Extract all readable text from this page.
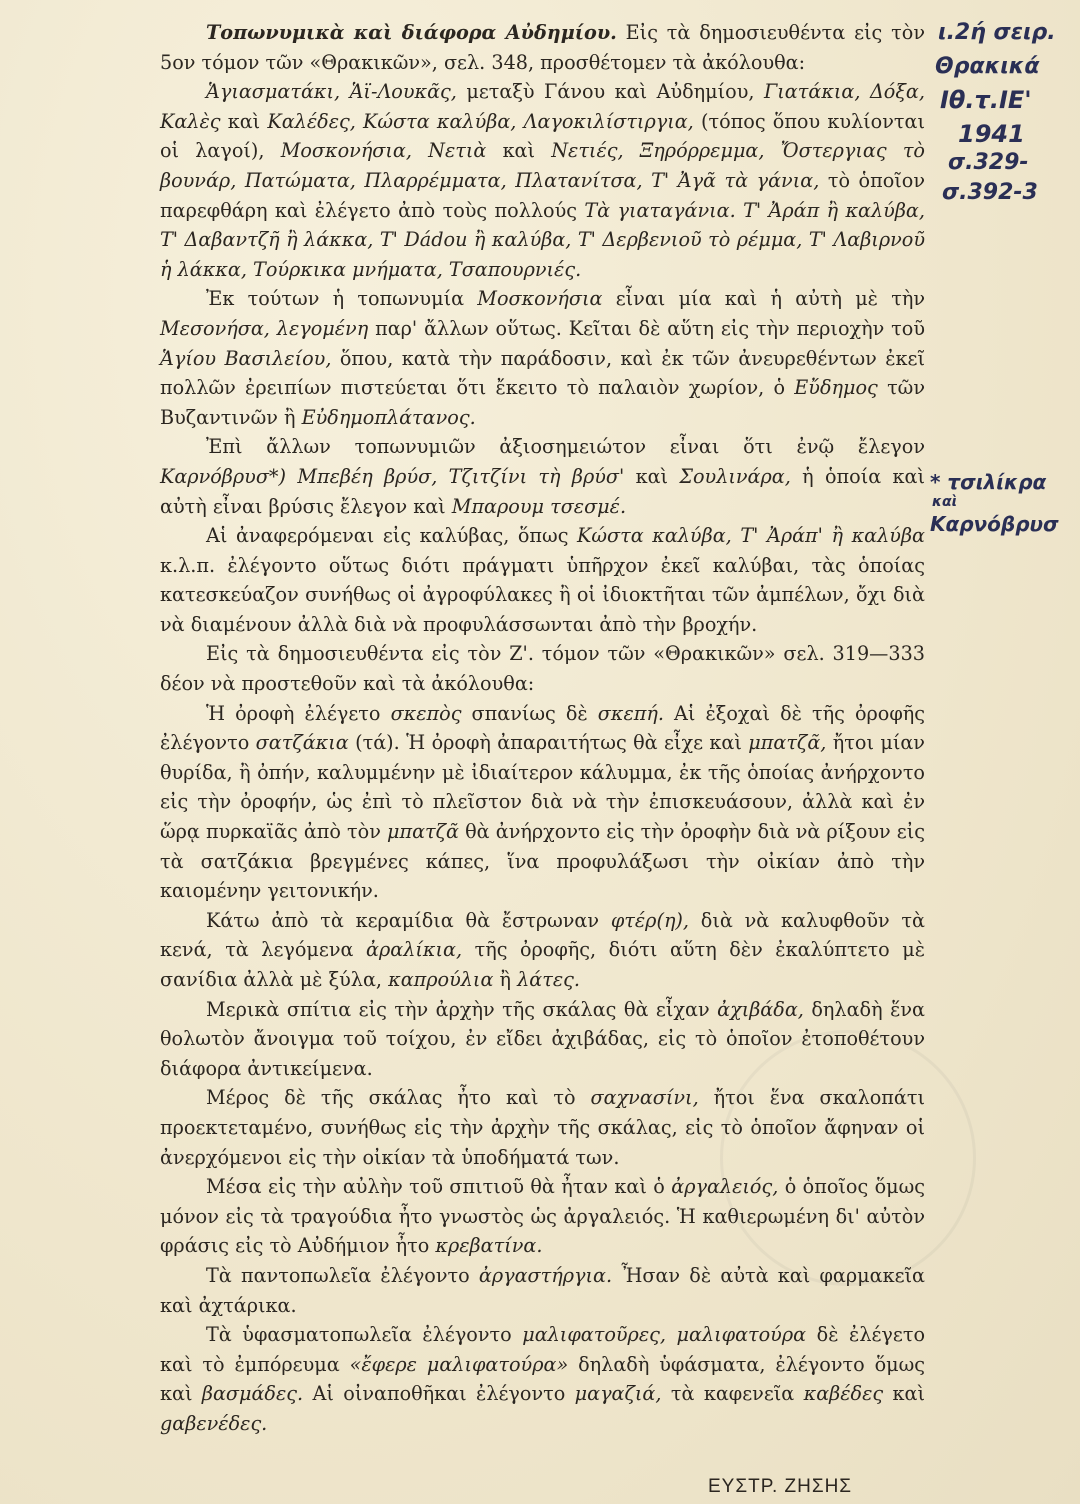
Τοπωνυμικὰ καὶ διάφορα Αὐδημίου. Εἰς τὰ δημοσιευθέντα εἰς τὸν 5ον τόμον τῶν «Θρακικῶν», σελ. 348, προσθέτομεν τὰ ἀκόλουθα:

Ἁγιασματάκι, Ἁϊ-Λουκᾶς, μεταξὺ Γάνου καὶ Αὐδημίου, Γιατάκια, Δόξα, Καλὲς καὶ Καλέδες, Κώστα καλύβα, Λαγοκιλίστιργια, (τόπος ὅπου κυλίονται οἱ λαγοί), Μοσκονήσια, Νετιὰ καὶ Νετιές, Ξηρόρρεμμα, Ὄστεργιας τὸ βουνάρ, Πατώματα, Πλαρρέμματα, Πλατανίτσα, Τ' Ἀγᾶ τὰ γάνια, τὸ ὁποῖον παρεφθάρη καὶ ἐλέγετο ἀπὸ τοὺς πολλούς Τὰ γιαταγάνια. Τ' Ἀράπ ἢ καλύβα, Τ' Δαβαντζῆ ἢ λάκκα, Τ' Dádou ἢ καλύβα, Τ' Δερβενιοῦ τὸ ρέμμα, Τ' Λαβιρνοῦ ἡ λάκκα, Τούρκικα μνήματα, Τσαπουρνιές.

Ἐκ τούτων ἡ τοπωνυμία Μοσκονήσια εἶναι μία καὶ ἡ αὐτὴ μὲ τὴν Μεσονήσα, λεγομένη παρ' ἄλλων οὕτως. Κεῖται δὲ αὕτη εἰς τὴν περιοχὴν τοῦ Ἁγίου Βασιλείου, ὅπου, κατὰ τὴν παράδοσιν, καὶ ἐκ τῶν ἀνευρεθέντων ἐκεῖ πολλῶν ἐρειπίων πιστεύεται ὅτι ἔκειτο τὸ παλαιὸν χωρίον, ὁ Εὔδημος τῶν Βυζαντινῶν ἢ Εὐδημοπλάτανος.

Ἐπὶ ἄλλων τοπωνυμιῶν ἀξιοσημειώτον εἶναι ὅτι ἐνῷ ἔλεγον Καρνόβρυσ*) Μπεβέη βρύσ, Τζιτζίνι τὴ βρύσ' καὶ Σουλινάρα, ἡ ὁποία καὶ αὐτὴ εἶναι βρύσις ἔλεγον καὶ Μπαρουμ τσεσμέ.

Αἱ ἀναφερόμεναι εἰς καλύβας, ὅπως Κώστα καλύβα, Τ' Ἀράπ' ἢ καλύβα κ.λ.π. ἐλέγοντο οὕτως διότι πράγματι ὑπῆρχον ἐκεῖ καλύβαι, τὰς ὁποίας κατεσκεύαζον συνήθως οἱ ἀγροφύλακες ἢ οἱ ἰδιοκτῆται τῶν ἀμπέλων, ὄχι διὰ νὰ διαμένουν ἀλλὰ διὰ νὰ προφυλάσσωνται ἀπὸ τὴν βροχήν.

Εἰς τὰ δημοσιευθέντα εἰς τὸν Ζ'. τόμον τῶν «Θρακικῶν» σελ. 319—333 δέον νὰ προστεθοῦν καὶ τὰ ἀκόλουθα:

Ἡ ὀροφὴ ἐλέγετο σκεπὸς σπανίως δὲ σκεπή. Αἱ ἐξοχαὶ δὲ τῆς ὀροφῆς ἐλέγοντο σατζάκια (τά). Ἡ ὀροφὴ ἀπαραιτήτως θὰ εἶχε καὶ μπατζᾶ, ἤτοι μίαν θυρίδα, ἢ ὀπήν, καλυμμένην μὲ ἰδιαίτερον κάλυμμα, ἐκ τῆς ὁποίας ἀνήρχοντο εἰς τὴν ὀροφήν, ὡς ἐπὶ τὸ πλεῖστον διὰ νὰ τὴν ἐπισκευάσουν, ἀλλὰ καὶ ἐν ὥρᾳ πυρκαϊᾶς ἀπὸ τὸν μπατζᾶ θὰ ἀνήρχοντο εἰς τὴν ὀροφὴν διὰ νὰ ρίξουν εἰς τὰ σατζάκια βρεγμένες κάπες, ἵνα προφυλάξωσι τὴν οἰκίαν ἀπὸ τὴν καιομένην γειτονικήν.

Κάτω ἀπὸ τὰ κεραμίδια θὰ ἔστρωναν φτέρ(η), διὰ νὰ καλυφθοῦν τὰ κενά, τὰ λεγόμενα ἀραλίκια, τῆς ὀροφῆς, διότι αὕτη δὲν ἐκαλύπτετο μὲ σανίδια ἀλλὰ μὲ ξύλα, καπρούλια ἢ λάτες.

Μερικὰ σπίτια εἰς τὴν ἀρχὴν τῆς σκάλας θὰ εἶχαν ἀχιβάδα, δηλαδὴ ἕνα θολωτὸν ἄνοιγμα τοῦ τοίχου, ἐν εἴδει ἀχιβάδας, εἰς τὸ ὁποῖον ἐτοποθέτουν διάφορα ἀντικείμενα.

Μέρος δὲ τῆς σκάλας ἦτο καὶ τὸ σαχνασίνι, ἤτοι ἕνα σκαλοπάτι προεκτεταμένο, συνήθως εἰς τὴν ἀρχὴν τῆς σκάλας, εἰς τὸ ὁποῖον ἄφηναν οἱ ἀνερχόμενοι εἰς τὴν οἰκίαν τὰ ὑποδήματά των.

Μέσα εἰς τὴν αὐλὴν τοῦ σπιτιοῦ θὰ ἦταν καὶ ὁ ἀργαλειός, ὁ ὁποῖος ὅμως μόνον εἰς τὰ τραγούδια ἦτο γνωστὸς ὡς ἀργαλειός. Ἡ καθιερωμένη δι' αὐτὸν φράσις εἰς τὸ Αὐδήμιον ἦτο κρεβατίνα.

Τὰ παντοπωλεῖα ἐλέγοντο ἀργαστήργια. Ἦσαν δὲ αὐτὰ καὶ φαρμακεῖα καὶ ἀχτάρικα.

Τὰ ὑφασματοπωλεῖα ἐλέγοντο μαλιφατοῦρες, μαλιφατούρα δὲ ἐλέγετο καὶ τὸ ἐμπόρευμα «ἔφερε μαλιφατούρα» δηλαδὴ ὑφάσματα, ἐλέγοντο ὅμως καὶ βασμάδες. Αἱ οἰναποθῆκαι ἐλέγοντο μαγαζιά, τὰ καφενεῖα καβέδες καὶ gαβενέδες.

ΕΥΣΤΡ. ΖΗΣΗΣ
ι.2ή σειρ.
Θρακικά
Ιθ.τ.ΙΕ'
1941
σ.329-
σ.392-3
* τσιλίκρα
καὶ
Καρνόβρυσ
